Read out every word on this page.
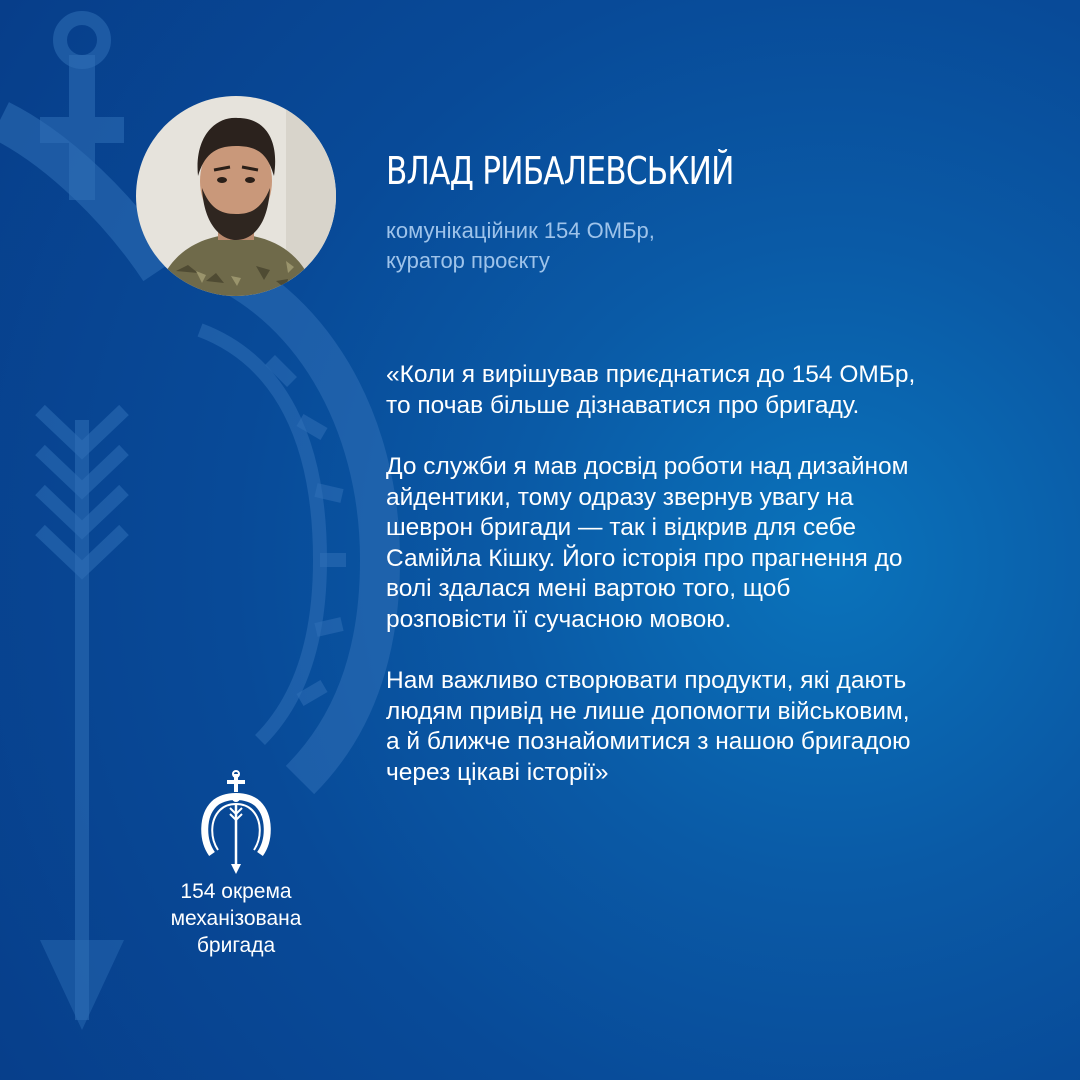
ВЛАД РИБАЛЕВСЬКИЙ
комунікаційник 154 ОМБр,
куратор проєкту

«Коли я вирішував приєднатися до 154 ОМБр,
то почав більше дізнаватися про бригаду.

До служби я мав досвід роботи над дизайном
айдентики, тому одразу звернув увагу на
шеврон бригади — так і відкрив для себе
Самійла Кішку. Його історія про прагнення до
волі здалася мені вартою того, щоб
розповісти її сучасною мовою.

Нам важливо створювати продукти, які дають
людям привід не лише допомогти військовим,
а й ближче познайомитися з нашою бригадою
через цікаві історії»

154 окрема
механізована
бригада
